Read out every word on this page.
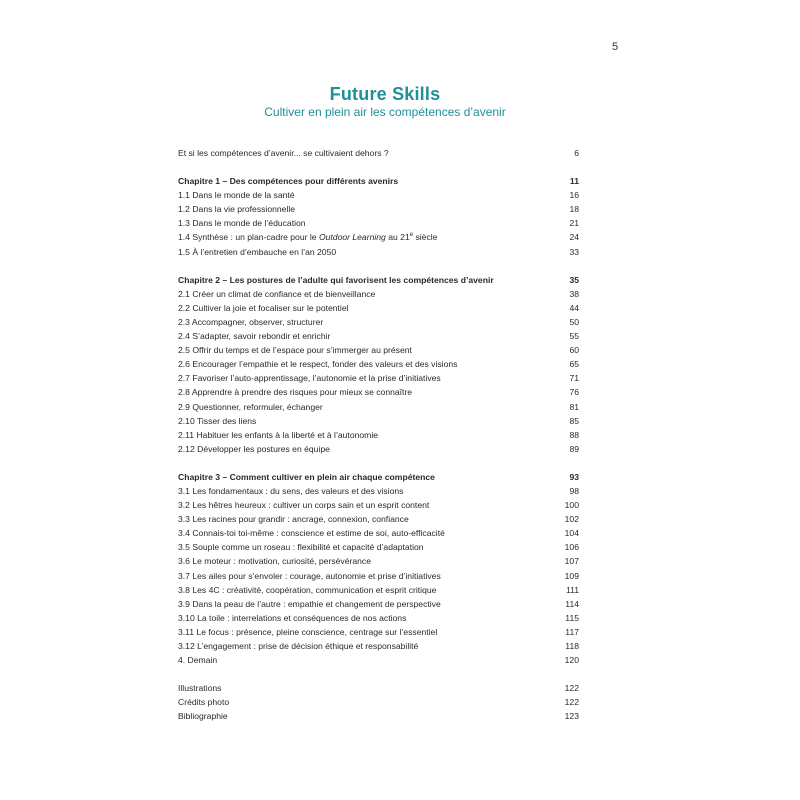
5
Future Skills
Cultiver en plein air les compétences d’avenir
Et si les compétences d’avenir... se cultivaient dehors ?	6
Chapitre 1 – Des compétences pour différents avenirs	11
1.1 Dans le monde de la santé	16
1.2 Dans la vie professionnelle	18
1.3 Dans le monde de l’éducation	21
1.4 Synthèse : un plan-cadre pour le Outdoor Learning au 21e siècle	24
1.5 À l’entretien d’embauche en l’an 2050	33
Chapitre 2 – Les postures de l’adulte qui favorisent les compétences d’avenir	35
2.1 Créer un climat de confiance et de bienveillance	38
2.2 Cultiver la joie et focaliser sur le potentiel	44
2.3 Accompagner, observer, structurer	50
2.4 S’adapter, savoir rebondir et enrichir	55
2.5 Offrir du temps et de l’espace pour s’immerger au présent	60
2.6 Encourager l’empathie et le respect, fonder des valeurs et des visions	65
2.7 Favoriser l’auto-apprentissage, l’autonomie et la prise d’initiatives	71
2.8 Apprendre à prendre des risques pour mieux se connaître	76
2.9 Questionner, reformuler, échanger	81
2.10 Tisser des liens	85
2.11 Habituer les enfants à la liberté et à l’autonomie	88
2.12 Développer les postures en équipe	89
Chapitre 3 – Comment cultiver en plein air chaque compétence	93
3.1 Les fondamentaux : du sens, des valeurs et des visions	98
3.2 Les hêtres heureux : cultiver un corps sain et un esprit content	100
3.3 Les racines pour grandir : ancrage, connexion, confiance	102
3.4 Connais-toi toi-même : conscience et estime de soi, auto-efficacité	104
3.5 Souple comme un roseau : flexibilité et capacité d’adaptation	106
3.6 Le moteur : motivation, curiosité, persévérance	107
3.7 Les ailes pour s’envoler : courage, autonomie et prise d’initiatives	109
3.8 Les 4C : créativité, coopération, communication et esprit critique	111
3.9 Dans la peau de l’autre : empathie et changement de perspective	114
3.10 La toile : interrelations et conséquences de nos actions	115
3.11 Le focus : présence, pleine conscience, centrage sur l’essentiel	117
3.12 L’engagement : prise de décision éthique et responsabilité	118
4. Demain	120
Illustrations	122
Crédits photo	122
Bibliographie	123
